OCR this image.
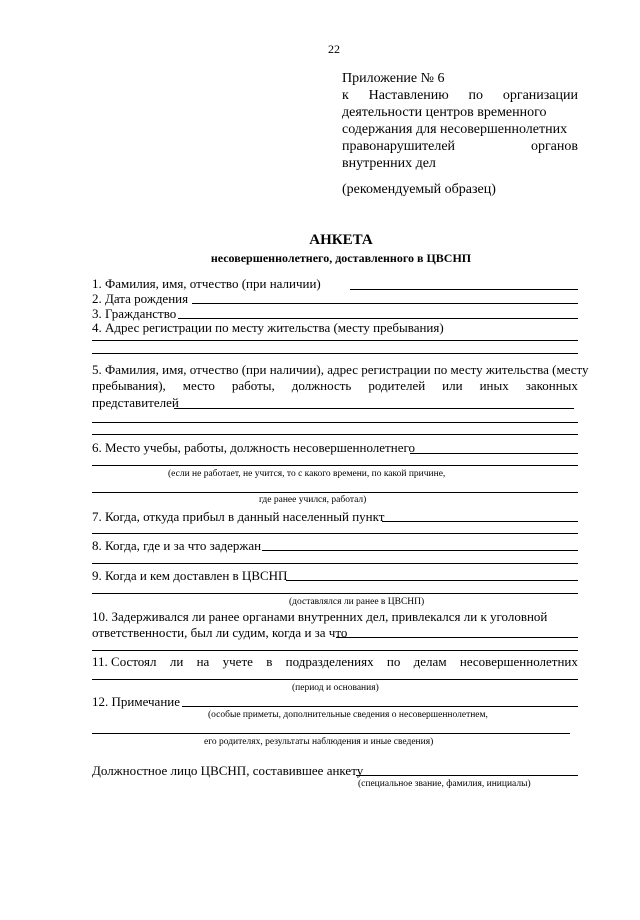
22
Приложение № 6
к Наставлению по организации
деятельности центров временного
содержания для несовершеннолетних
правонарушителей	органов
внутренних дел
(рекомендуемый образец)
АНКЕТА
несовершеннолетнего, доставленного в ЦВСНП
1. Фамилия, имя, отчество (при наличии)
2. Дата рождения
3. Гражданство
4. Адрес регистрации по месту жительства (месту пребывания)
5. Фамилия, имя, отчество (при наличии), адрес регистрации по месту жительства (месту
пребывания), место работы, должность родителей или иных законных
представителей
6. Место учебы, работы, должность несовершеннолетнего
(если не работает, не учится, то с какого времени, по какой причине,
где ранее учился, работал)
7. Когда, откуда прибыл в данный населенный пункт
8. Когда, где и за что задержан
9. Когда и кем доставлен в ЦВСНП
(доставлялся ли ранее в ЦВСНП)
10. Задерживался ли ранее органами внутренних дел, привлекался ли к уголовной
ответственности, был ли судим, когда и за что
11. Состоял ли на учете в подразделениях по делам несовершеннолетних
(период и основания)
12. Примечание
(особые приметы, дополнительные сведения о несовершеннолетнем,
его родителях, результаты наблюдения и иные сведения)
Должностное лицо ЦВСНП, составившее анкету
(специальное звание, фамилия, инициалы)
